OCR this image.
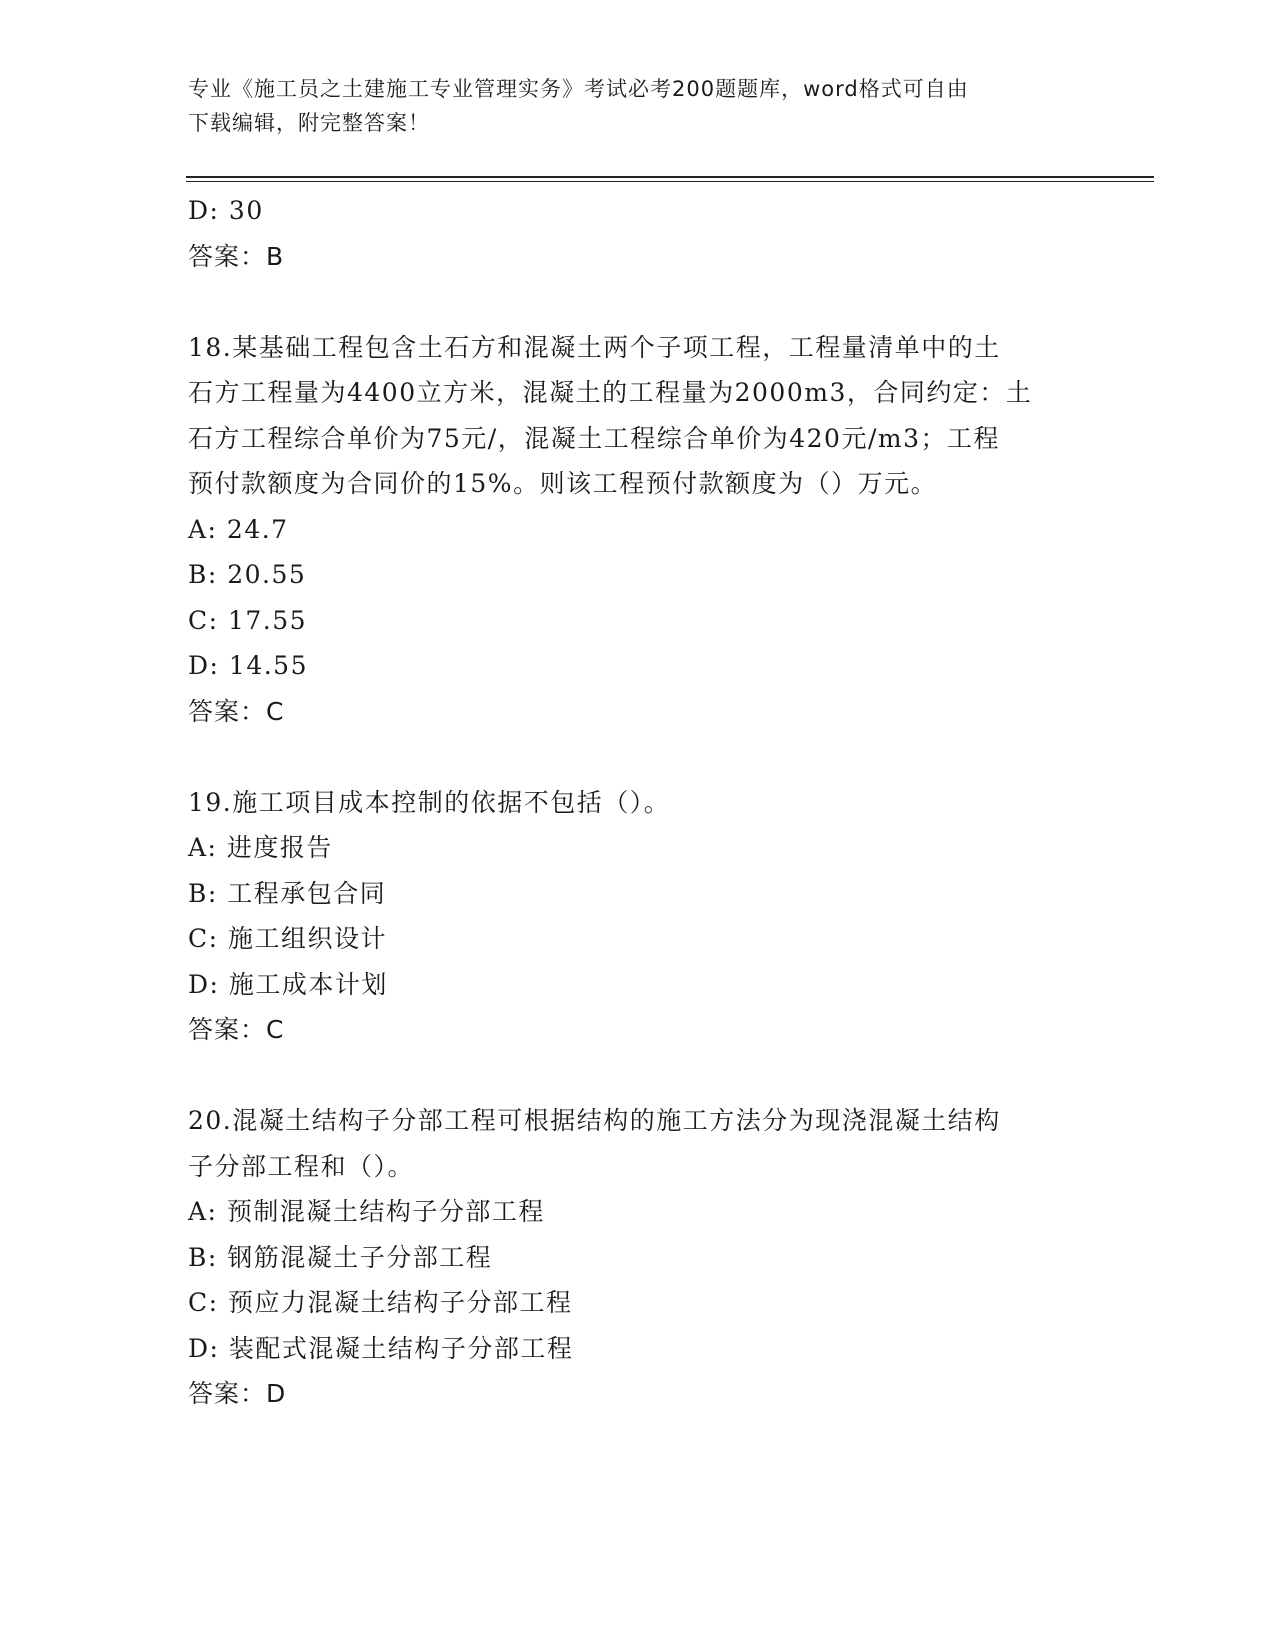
专业《施工员之土建施工专业管理实务》考试必考200题题库，word格式可自由
下载编辑，附完整答案！
D: 30
答案：B
18.某基础工程包含土石方和混凝土两个子项工程，工程量清单中的土
石方工程量为4400立方米，混凝土的工程量为2000m3，合同约定：土
石方工程综合单价为75元/，混凝土工程综合单价为420元/m3；工程
预付款额度为合同价的15%。则该工程预付款额度为（）万元。
A: 24.7
B: 20.55
C: 17.55
D: 14.55
答案：C
19.施工项目成本控制的依据不包括（）。
A: 进度报告
B: 工程承包合同
C: 施工组织设计
D: 施工成本计划
答案：C
20.混凝土结构子分部工程可根据结构的施工方法分为现浇混凝土结构
子分部工程和（）。
A: 预制混凝土结构子分部工程
B: 钢筋混凝土子分部工程
C: 预应力混凝土结构子分部工程
D: 装配式混凝土结构子分部工程
答案：D
